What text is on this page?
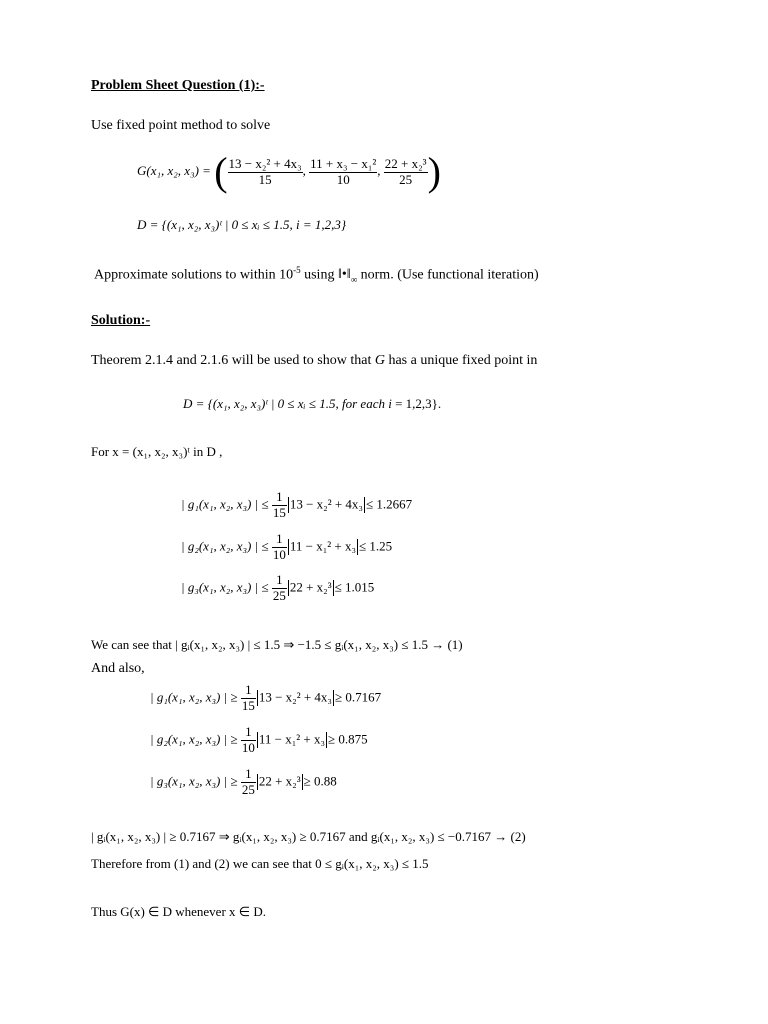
Problem Sheet Question (1):-
Use fixed point method to solve
G(x₁, x₂, x₃) = ( $\frac{\text{13 − x₂² + 4x₃}}{15}$ , $\frac{\text{11 + x₃ − x₁²}}{10}$ , $\frac{\text{22 + x₂³}}{25}$ )
D = {(x₁, x₂, x₃)ᵗ | 0 ≤ xᵢ ≤ 1.5, i = 1,2,3}
Approximate solutions to within $10^{-5}$ using $‖•‖_\infty$ norm. (Use functional iteration)
Solution:-
Theorem 2.1.4 and 2.1.6 will be used to show that G has a unique fixed point in
D = {(x₁, x₂, x₃)ᵗ | 0 ≤ xᵢ ≤ 1.5, for each i = 1,2,3}.
For x = (x₁, x₂, x₃)ᵗ in D ,
| g₁(x₁, x₂, x₃) | ≤ $\frac{1}{15} 13 - x_2^2 + 4x_3 \le 1.2667$
| g₂(x₁, x₂, x₃) | ≤ $\frac{1}{10} 11 - x_1^2 + x_3 \le 1.25$
| g₃(x₁, x₂, x₃) | ≤ $\frac{1}{25} 22 + x_2^3 \le 1.015$
We can see that | gᵢ(x₁, x₂, x₃) | ≤ 1.5 ⇒ −1.5 ≤ gᵢ(x₁, x₂, x₃) ≤ 1.5 → (1)
And also,
| g₁(x₁, x₂, x₃) | ≥ $\frac{1}{15} 13 - x_2^2 + 4x_3 \ge 0.7167$
| g₂(x₁, x₂, x₃) | ≥ $\frac{1}{10} 11 - x_1^2 + x_3 \ge 0.875$
| g₃(x₁, x₂, x₃) | ≥ $\frac{1}{25} 22 + x_2^3 \ge 0.88$
| gᵢ(x₁, x₂, x₃) | ≥ 0.7167 ⇒ gᵢ(x₁, x₂, x₃) ≥ 0.7167 and gᵢ(x₁, x₂, x₃) ≤ −0.7167 → (2)
Therefore from (1) and (2) we can see that 0 ≤ gᵢ(x₁, x₂, x₃) ≤ 1.5
Thus G(x) ∈ D whenever x ∈ D.
